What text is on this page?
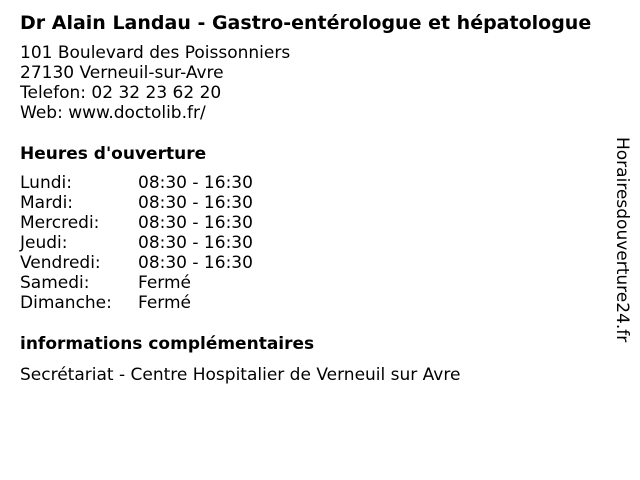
Dr Alain Landau - Gastro-entérologue et hépatologue
101 Boulevard des Poissonniers
27130 Verneuil-sur-Avre
Telefon: 02 32 23 62 20
Web: www.doctolib.fr/
Heures d'ouverture
Lundi:	08:30 - 16:30
Mardi:	08:30 - 16:30
Mercredi:	08:30 - 16:30
Jeudi:	08:30 - 16:30
Vendredi:	08:30 - 16:30
Samedi:	Fermé
Dimanche:	Fermé
informations complémentaires
Secrétariat - Centre Hospitalier de Verneuil sur Avre
Horairesdouverture24.fr
